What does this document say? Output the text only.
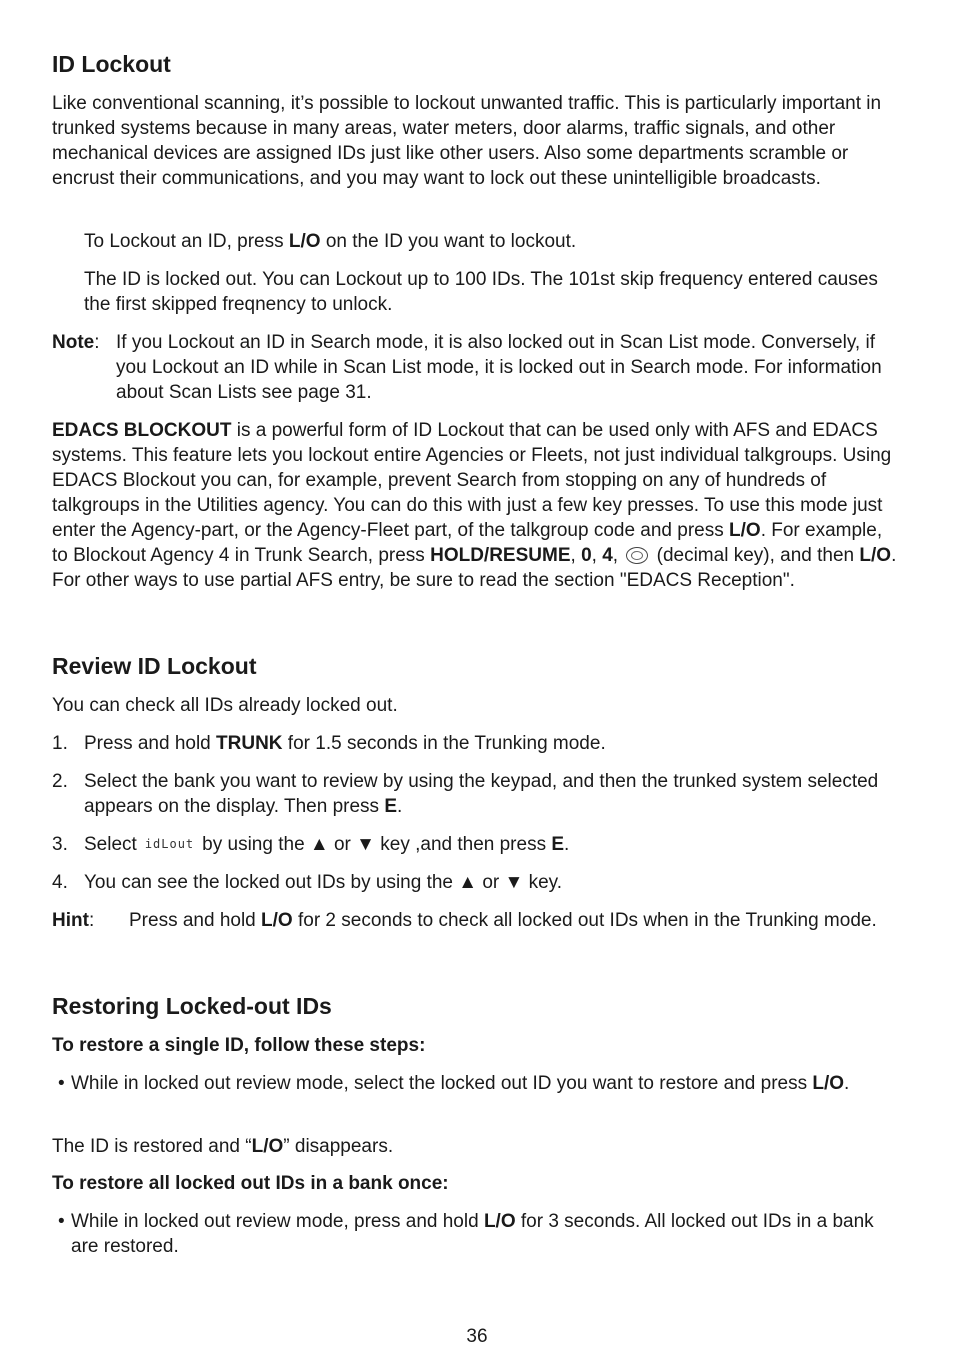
ID Lockout

Like conventional scanning, it’s possible to lockout unwanted traffic. This is particularly important in trunked systems because in many areas, water meters, door alarms, traffic signals, and other mechanical devices are assigned IDs just like other users. Also some departments scramble or encrust their communications, and you may want to lock out these unintelligible broadcasts.

To Lockout an ID, press L/O on the ID you want to lockout.

The ID is locked out. You can Lockout up to 100 IDs. The 101st skip frequency entered causes the first skipped freqnency to unlock.

Note: If you Lockout an ID in Search mode, it is also locked out in Scan List mode. Conversely, if you Lockout an ID while in Scan List mode, it is locked out in Search mode. For information about Scan Lists see page 31.

EDACS BLOCKOUT is a powerful form of ID Lockout that can be used only with AFS and EDACS systems. This feature lets you lockout entire Agencies or Fleets, not just individual talkgroups. Using EDACS Blockout you can, for example, prevent Search from stopping on any of hundreds of talkgroups in the Utilities agency. You can do this with just a few key presses. To use this mode just enter the Agency-part, or the Agency-Fleet part, of the talkgroup code and press L/O. For example, to Blockout Agency 4 in Trunk Search, press HOLD/RESUME, 0, 4,  (decimal key), and then L/O. For other ways to use partial AFS entry, be sure to read the section "EDACS Reception".

Review ID Lockout

You can check all IDs already locked out.

1. Press and hold TRUNK for 1.5 seconds in the Trunking mode.

2. Select the bank you want to review by using the keypad, and then the trunked system selected appears on the display. Then press E.

3. Select idLout by using the ▲ or ▼ key ,and then press E.

4. You can see the locked out IDs by using the ▲ or ▼ key.

Hint: Press and hold L/O for 2 seconds to check all locked out IDs when in the Trunking mode.

Restoring Locked-out IDs

To restore a single ID, follow these steps:

• While in locked out review mode, select the locked out ID you want to restore and press L/O.

The ID is restored and “L/O” disappears.

To restore all locked out IDs in a bank once:

• While in locked out review mode, press and hold L/O for 3 seconds. All locked out IDs in a bank are restored.

36
